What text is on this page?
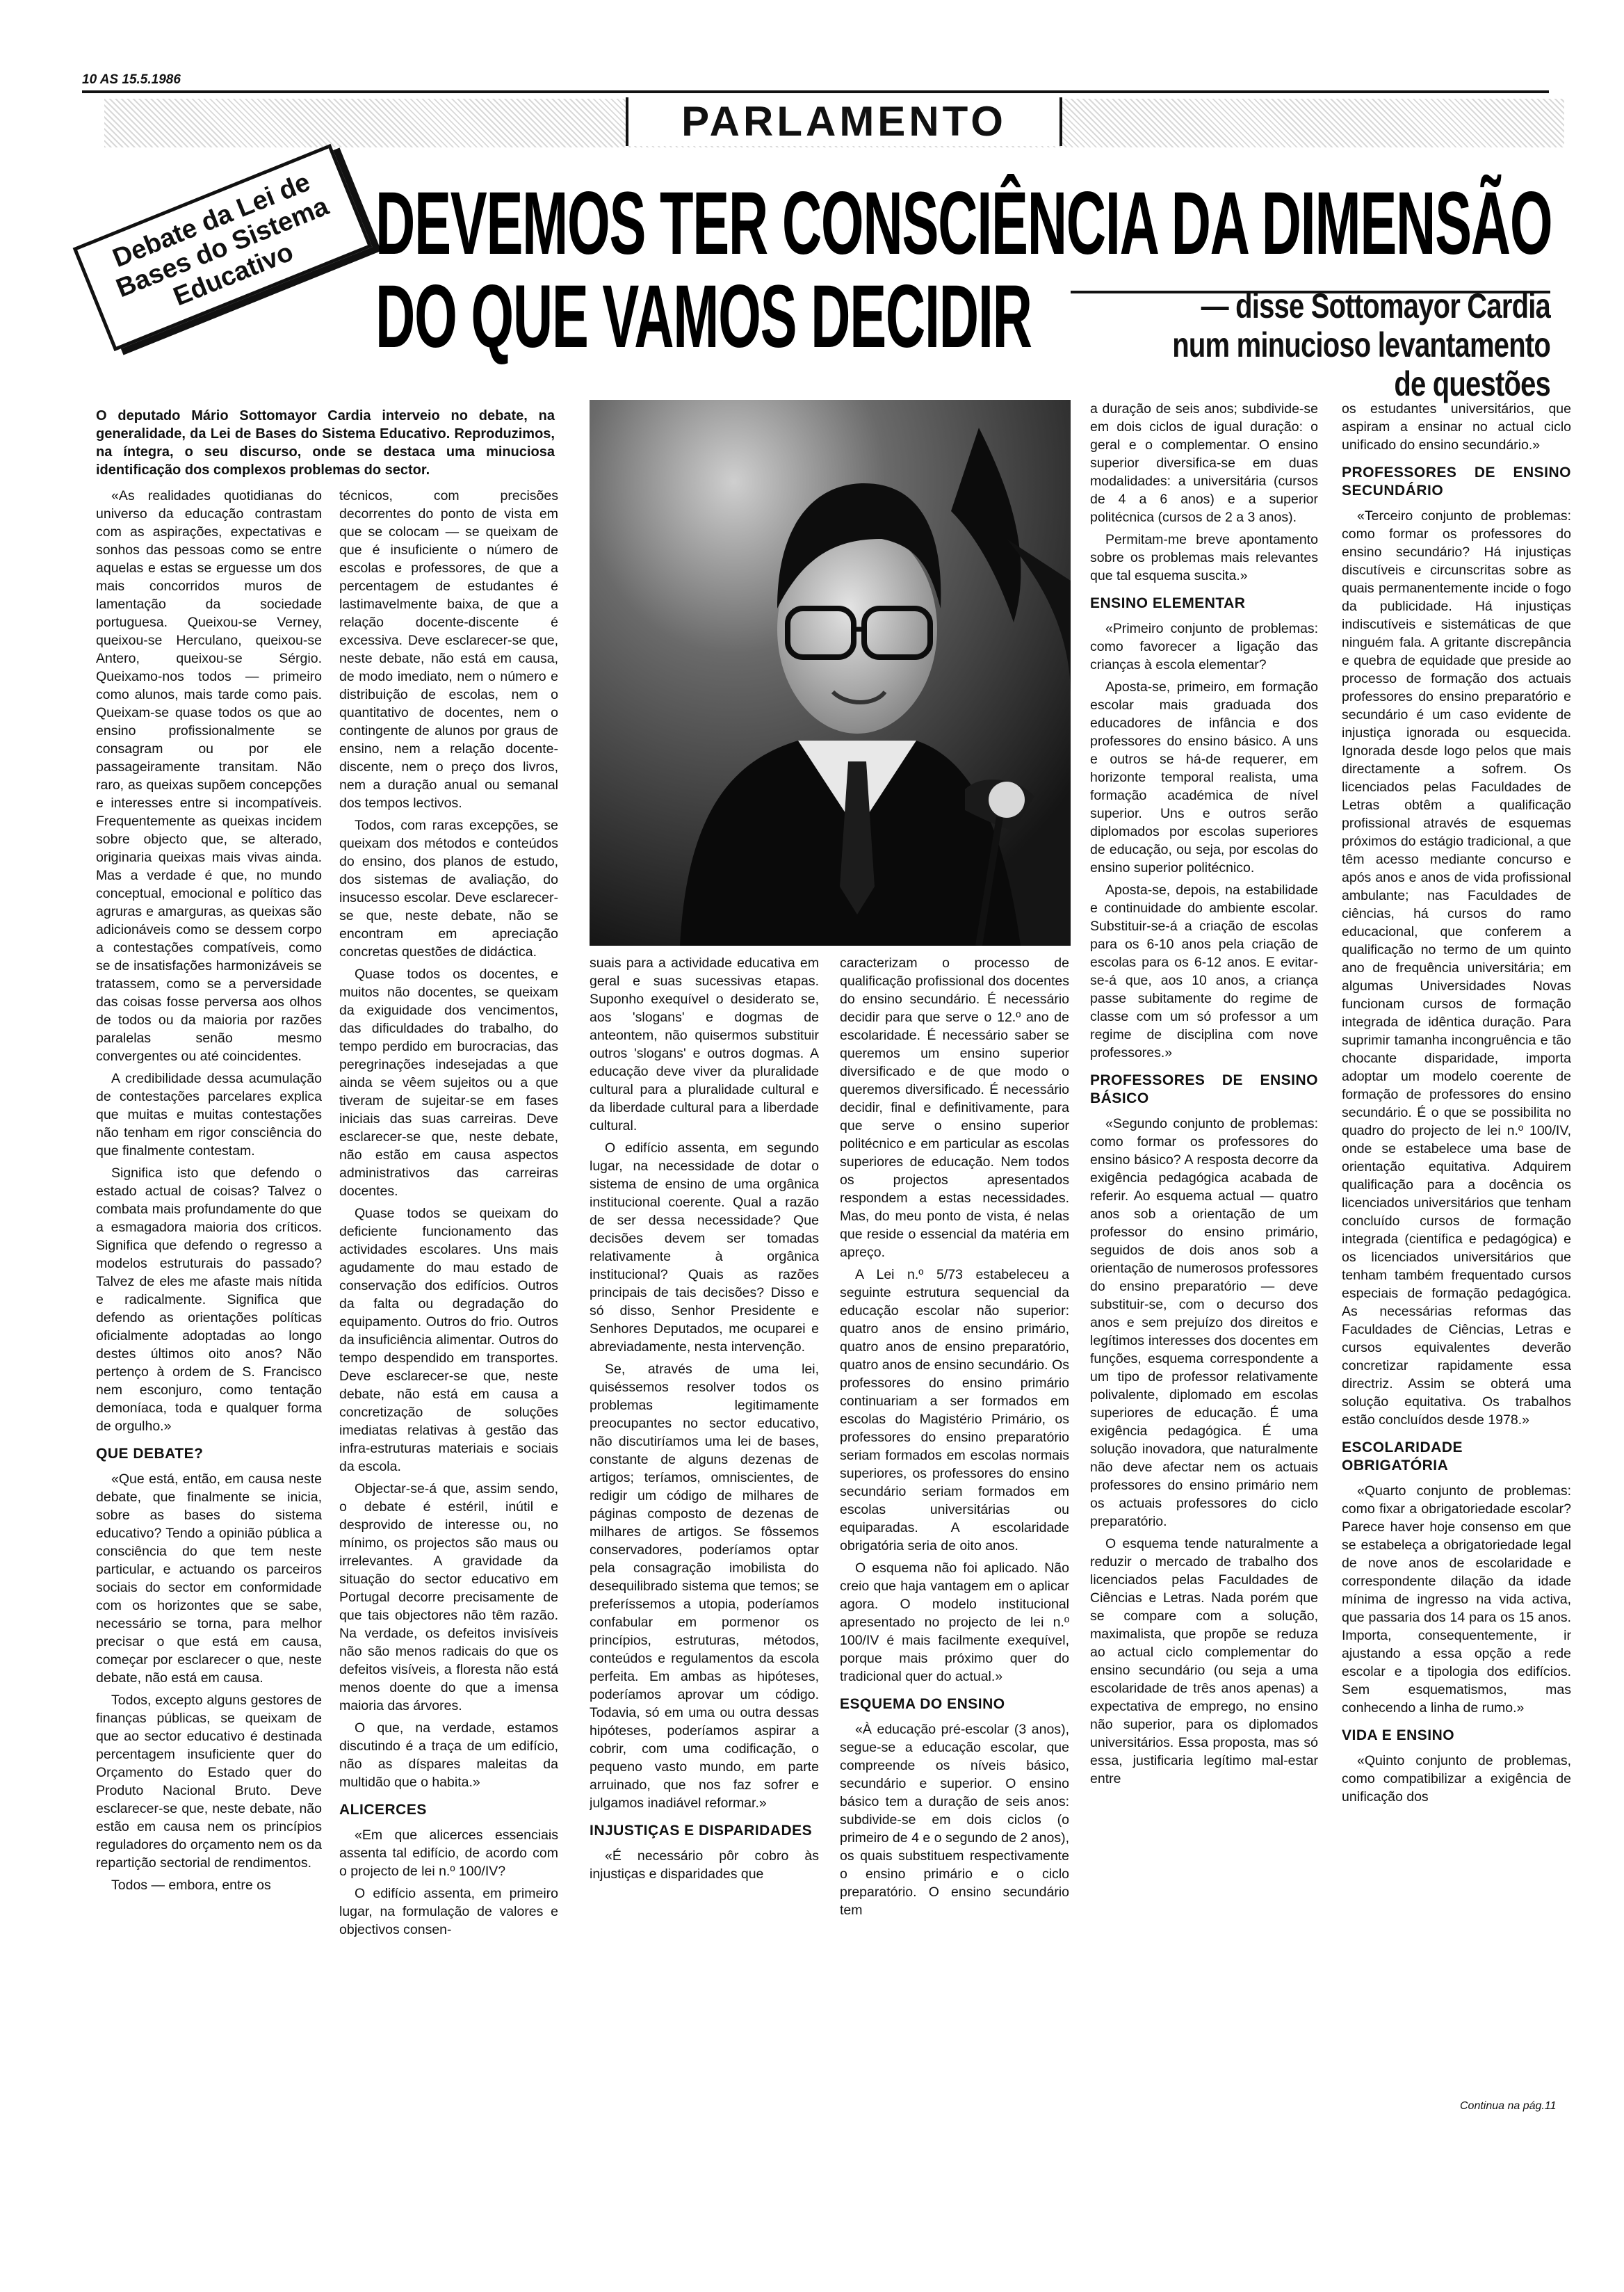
10 AS 15.5.1986
PARLAMENTO
Debate da Lei de Bases do Sistema Educativo
DEVEMOS TER CONSCIÊNCIA DA DIMENSÃO
DO QUE VAMOS DECIDIR	— disse Sottomayor Cardia num minucioso levantamento de questões
O deputado Mário Sottomayor Cardia interveio no debate, na generalidade, da Lei de Bases do Sistema Educativo. Reproduzimos, na íntegra, o seu discurso, onde se destaca uma minuciosa identificação dos complexos problemas do sector.

«As realidades quotidianas do universo da educação contrastam com as aspirações, expectativas e sonhos das pessoas como se entre aquelas e estas se erguesse um dos mais concorridos muros de lamentação da sociedade portuguesa. Queixou-se Verney, queixou-se Herculano, queixou-se Antero, queixou-se Sérgio. Queixamo-nos todos — primeiro como alunos, mais tarde como pais. Queixam-se quase todos os que ao ensino profissionalmente se consagram ou por ele passageiramente transitam. Não raro, as queixas supõem concepções e interesses entre si incompatíveis. Frequentemente as queixas incidem sobre objecto que, se alterado, originaria queixas mais vivas ainda. Mas a verdade é que, no mundo conceptual, emocional e político das agruras e amarguras, as queixas são adicionáveis como se dessem corpo a contestações compatíveis, como se de insatisfações harmonizáveis se tratassem, como se a perversidade das coisas fosse perversa aos olhos de todos ou da maioria por razões paralelas senão mesmo convergentes ou até coincidentes.

A credibilidade dessa acumulação de contestações parcelares explica que muitas e muitas contestações não tenham em rigor consciência do que finalmente contestam.

Significa isto que defendo o estado actual de coisas? Talvez o combata mais profundamente do que a esmagadora maioria dos críticos. Significa que defendo o regresso a modelos estruturais do passado? Talvez de eles me afaste mais nítida e radicalmente. Significa que defendo as orientações políticas oficialmente adoptadas ao longo destes últimos oito anos? Não pertenço à ordem de S. Francisco nem esconjuro, como tentação demoníaca, toda e qualquer forma de orgulho.»

QUE DEBATE?

«Que está, então, em causa neste debate, que finalmente se inicia, sobre as bases do sistema educativo? Tendo a opinião pública a consciência do que tem neste particular, e actuando os parceiros sociais do sector em conformidade com os horizontes que se sabe, necessário se torna, para melhor precisar o que está em causa, começar por esclarecer o que, neste debate, não está em causa.

Todos, excepto alguns gestores de finanças públicas, se queixam de que ao sector educativo é destinada percentagem insuficiente quer do Orçamento do Estado quer do Produto Nacional Bruto. Deve esclarecer-se que, neste debate, não estão em causa nem os princípios reguladores do orçamento nem os da repartição sectorial de rendimentos.

Todos — embora, entre os

técnicos, com precisões decorrentes do ponto de vista em que se colocam — se queixam de que é insuficiente o número de escolas e professores, de que a percentagem de estudantes é lastimavelmente baixa, de que a relação docente-discente é excessiva. Deve esclarecer-se que, neste debate, não está em causa, de modo imediato, nem o número e distribuição de escolas, nem o quantitativo de docentes, nem o contingente de alunos por graus de ensino, nem a relação docente-discente, nem o preço dos livros, nem a duração anual ou semanal dos tempos lectivos.

Todos, com raras excepções, se queixam dos métodos e conteúdos do ensino, dos planos de estudo, dos sistemas de avaliação, do insucesso escolar. Deve esclarecer-se que, neste debate, não se encontram em apreciação concretas questões de didáctica.

Quase todos os docentes, e muitos não docentes, se queixam da exiguidade dos vencimentos, das dificuldades do trabalho, do tempo perdido em burocracias, das peregrinações indesejadas a que ainda se vêem sujeitos ou a que tiveram de sujeitar-se em fases iniciais das suas carreiras. Deve esclarecer-se que, neste debate, não estão em causa aspectos administrativos das carreiras docentes.

Quase todos se queixam do deficiente funcionamento das actividades escolares. Uns mais agudamente do mau estado de conservação dos edifícios. Outros da falta ou degradação do equipamento. Outros do frio. Outros da insuficiência alimentar. Outros do tempo despendido em transportes. Deve esclarecer-se que, neste debate, não está em causa a concretização de soluções imediatas relativas à gestão das infra-estruturas materiais e sociais da escola.

Objectar-se-á que, assim sendo, o debate é estéril, inútil e desprovido de interesse ou, no mínimo, os projectos são maus ou irrelevantes. A gravidade da situação do sector educativo em Portugal decorre precisamente de que tais objectores não têm razão. Na verdade, os defeitos invisíveis não são menos radicais do que os defeitos visíveis, a floresta não está menos doente do que a imensa maioria das árvores.

O que, na verdade, estamos discutindo é a traça de um edifício, não as díspares maleitas da multidão que o habita.»

ALICERCES

«Em que alicerces essenciais assenta tal edifício, de acordo com o projecto de lei n.º 100/IV?

O edifício assenta, em primeiro lugar, na formulação de valores e objectivos consen-

suais para a actividade educativa em geral e suas sucessivas etapas. Suponho exequível o desiderato se, aos 'slogans' e dogmas de anteontem, não quisermos substituir outros 'slogans' e outros dogmas. A educação deve viver da pluralidade cultural para a pluralidade cultural e da liberdade cultural para a liberdade cultural.

O edifício assenta, em segundo lugar, na necessidade de dotar o sistema de ensino de uma orgânica institucional coerente. Qual a razão de ser dessa necessidade? Que decisões devem ser tomadas relativamente à orgânica institucional? Quais as razões principais de tais decisões? Disso e só disso, Senhor Presidente e Senhores Deputados, me ocuparei e abreviadamente, nesta intervenção.

Se, através de uma lei, quiséssemos resolver todos os problemas legitimamente preocupantes no sector educativo, não discutiríamos uma lei de bases, constante de alguns dezenas de artigos; teríamos, omniscientes, de redigir um código de milhares de páginas composto de dezenas de milhares de artigos. Se fôssemos conservadores, poderíamos optar pela consagração imobilista do desequilibrado sistema que temos; se preferíssemos a utopia, poderíamos confabular em pormenor os princípios, estruturas, métodos, conteúdos e regulamentos da escola perfeita. Em ambas as hipóteses, poderíamos aprovar um código. Todavia, só em uma ou outra dessas hipóteses, poderíamos aspirar a cobrir, com uma codificação, o pequeno vasto mundo, em parte arruinado, que nos faz sofrer e julgamos inadiável reformar.»

INJUSTIÇAS E DISPARIDADES

«É necessário pôr cobro às injustiças e disparidades que

caracterizam o processo de qualificação profissional dos docentes do ensino secundário. É necessário decidir para que serve o 12.º ano de escolaridade. É necessário saber se queremos um ensino superior diversificado e de que modo o queremos diversificado. É necessário decidir, final e definitivamente, para que serve o ensino superior politécnico e em particular as escolas superiores de educação. Nem todos os projectos apresentados respondem a estas necessidades. Mas, do meu ponto de vista, é nelas que reside o essencial da matéria em apreço.

A Lei n.º 5/73 estabeleceu a seguinte estrutura sequencial da educação escolar não superior: quatro anos de ensino primário, quatro anos de ensino preparatório, quatro anos de ensino secundário. Os professores do ensino primário continuariam a ser formados em escolas do Magistério Primário, os professores do ensino preparatório seriam formados em escolas normais superiores, os professores do ensino secundário seriam formados em escolas universitárias ou equiparadas. A escolaridade obrigatória seria de oito anos.

O esquema não foi aplicado. Não creio que haja vantagem em o aplicar agora. O modelo institucional apresentado no projecto de lei n.º 100/IV é mais facilmente exequível, porque mais próximo quer do tradicional quer do actual.»

ESQUEMA DO ENSINO

«À educação pré-escolar (3 anos), segue-se a educação escolar, que compreende os níveis básico, secundário e superior. O ensino básico tem a duração de seis anos: subdivide-se em dois ciclos (o primeiro de 4 e o segundo de 2 anos), os quais substituem respectivamente o ensino primário e o ciclo preparatório. O ensino secundário tem

a duração de seis anos; subdivide-se em dois ciclos de igual duração: o geral e o complementar. O ensino superior diversifica-se em duas modalidades: a universitária (cursos de 4 a 6 anos) e a superior politécnica (cursos de 2 a 3 anos).

Permitam-me breve apontamento sobre os problemas mais relevantes que tal esquema suscita.»

ENSINO ELEMENTAR

«Primeiro conjunto de problemas: como favorecer a ligação das crianças à escola elementar?

Aposta-se, primeiro, em formação escolar mais graduada dos educadores de infância e dos professores do ensino básico. A uns e outros se há-de requerer, em horizonte temporal realista, uma formação académica de nível superior. Uns e outros serão diplomados por escolas superiores de educação, ou seja, por escolas do ensino superior politécnico.

Aposta-se, depois, na estabilidade e continuidade do ambiente escolar. Substituir-se-á a criação de escolas para os 6-10 anos pela criação de escolas para os 6-12 anos. E evitar-se-á que, aos 10 anos, a criança passe subitamente do regime de classe com um só professor a um regime de disciplina com nove professores.»

PROFESSORES DE ENSINO BÁSICO

«Segundo conjunto de problemas: como formar os professores do ensino básico? A resposta decorre da exigência pedagógica acabada de referir. Ao esquema actual — quatro anos sob a orientação de um professor do ensino primário, seguidos de dois anos sob a orientação de numerosos professores do ensino preparatório — deve substituir-se, com o decurso dos anos e sem prejuízo dos direitos e legítimos interesses dos docentes em funções, esquema correspondente a um tipo de professor relativamente polivalente, diplomado em escolas superiores de educação. É uma exigência pedagógica. É uma solução inovadora, que naturalmente não deve afectar nem os actuais professores do ensino primário nem os actuais professores do ciclo preparatório.

O esquema tende naturalmente a reduzir o mercado de trabalho dos licenciados pelas Faculdades de Ciências e Letras. Nada porém que se compare com a solução, maximalista, que propõe se reduza ao actual ciclo complementar do ensino secundário (ou seja a uma escolaridade de três anos apenas) a expectativa de emprego, no ensino não superior, para os diplomados universitários. Essa proposta, mas só essa, justificaria legítimo mal-estar entre

os estudantes universitários, que aspiram a ensinar no actual ciclo unificado do ensino secundário.»

PROFESSORES DE ENSINO SECUNDÁRIO

«Terceiro conjunto de problemas: como formar os professores do ensino secundário? Há injustiças discutíveis e circunscritas sobre as quais permanentemente incide o fogo da publicidade. Há injustiças indiscutíveis e sistemáticas de que ninguém fala. A gritante discrepância e quebra de equidade que preside ao processo de formação dos actuais professores do ensino preparatório e secundário é um caso evidente de injustiça ignorada ou esquecida. Ignorada desde logo pelos que mais directamente a sofrem. Os licenciados pelas Faculdades de Letras obtêm a qualificação profissional através de esquemas próximos do estágio tradicional, a que têm acesso mediante concurso e após anos e anos de vida profissional ambulante; nas Faculdades de ciências, há cursos do ramo educacional, que conferem a qualificação no termo de um quinto ano de frequência universitária; em algumas Universidades Novas funcionam cursos de formação integrada de idêntica duração. Para suprimir tamanha incongruência e tão chocante disparidade, importa adoptar um modelo coerente de formação de professores do ensino secundário. É o que se possibilita no quadro do projecto de lei n.º 100/IV, onde se estabelece uma base de orientação equitativa. Adquirem qualificação para a docência os licenciados universitários que tenham concluído cursos de formação integrada (científica e pedagógica) e os licenciados universitários que tenham também frequentado cursos especiais de formação pedagógica. As necessárias reformas das Faculdades de Ciências, Letras e cursos equivalentes deverão concretizar rapidamente essa directriz. Assim se obterá uma solução equitativa. Os trabalhos estão concluídos desde 1978.»

ESCOLARIDADE OBRIGATÓRIA

«Quarto conjunto de problemas: como fixar a obrigatoriedade escolar? Parece haver hoje consenso em que se estabeleça a obrigatoriedade legal de nove anos de escolaridade e correspondente dilação da idade mínima de ingresso na vida activa, que passaria dos 14 para os 15 anos. Importa, consequentemente, ir ajustando a essa opção a rede escolar e a tipologia dos edifícios. Sem esquematismos, mas conhecendo a linha de rumo.»

VIDA E ENSINO

«Quinto conjunto de problemas, como compatibilizar a exigência de unificação dos

Continua na pág.11
